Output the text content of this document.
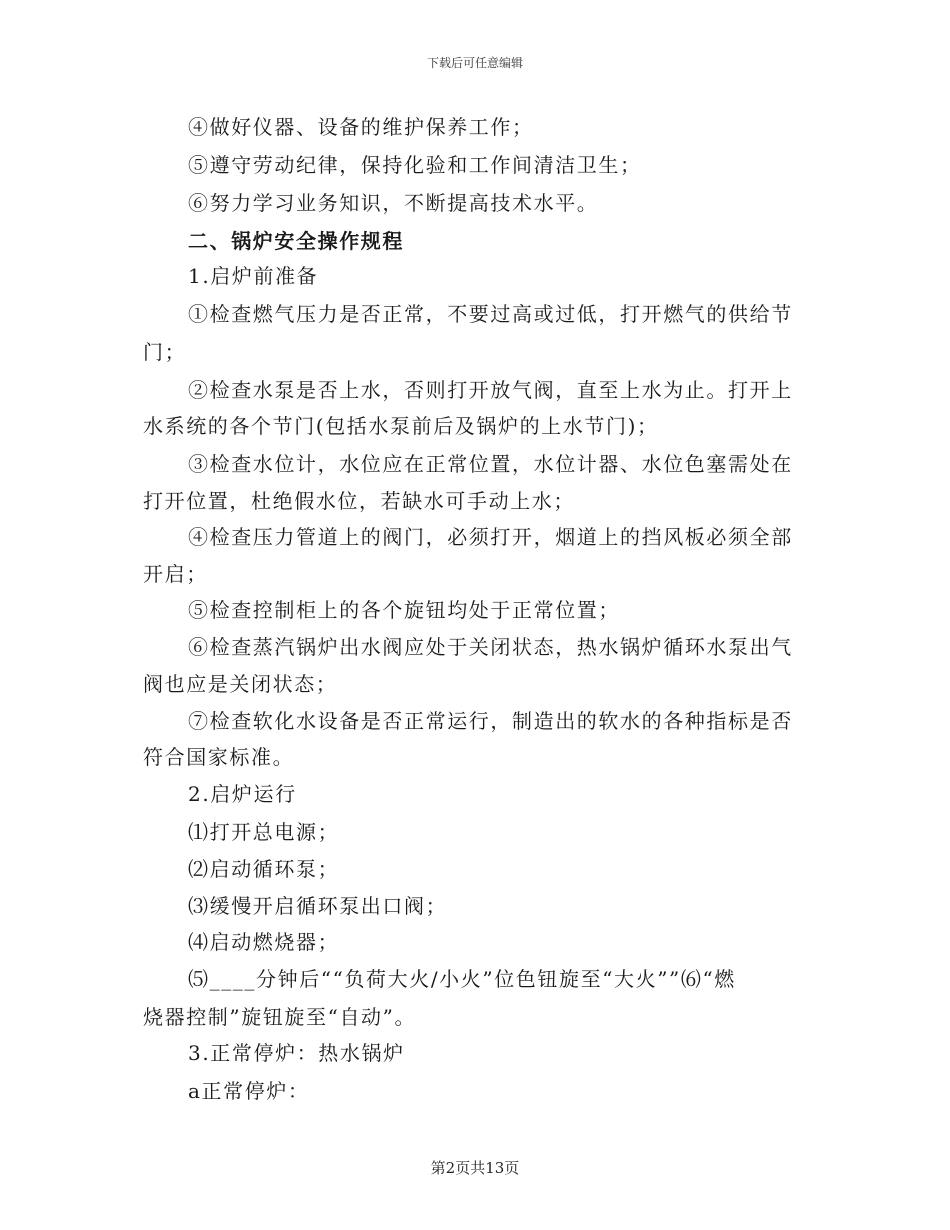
下载后可任意编辑
④做好仪器、设备的维护保养工作；
⑤遵守劳动纪律，保持化验和工作间清洁卫生；
⑥努力学习业务知识，不断提高技术水平。
二、锅炉安全操作规程
1.启炉前准备
①检查燃气压力是否正常，不要过高或过低，打开燃气的供给节
门；
②检查水泵是否上水，否则打开放气阀，直至上水为止。打开上
水系统的各个节门(包括水泵前后及锅炉的上水节门)；
③检查水位计，水位应在正常位置，水位计器、水位色塞需处在
打开位置，杜绝假水位，若缺水可手动上水；
④检查压力管道上的阀门，必须打开，烟道上的挡风板必须全部
开启；
⑤检查控制柜上的各个旋钮均处于正常位置；
⑥检查蒸汽锅炉出水阀应处于关闭状态，热水锅炉循环水泵出气
阀也应是关闭状态；
⑦检查软化水设备是否正常运行，制造出的软水的各种指标是否
符合国家标准。
2.启炉运行
⑴打开总电源；
⑵启动循环泵；
⑶缓慢开启循环泵出口阀；
⑷启动燃烧器；
⑸____分钟后““负荷大火/小火”位色钮旋至“大火””⑹“燃
烧器控制”旋钮旋至“自动”。
3.正常停炉：热水锅炉
a正常停炉：
第2页共13页
